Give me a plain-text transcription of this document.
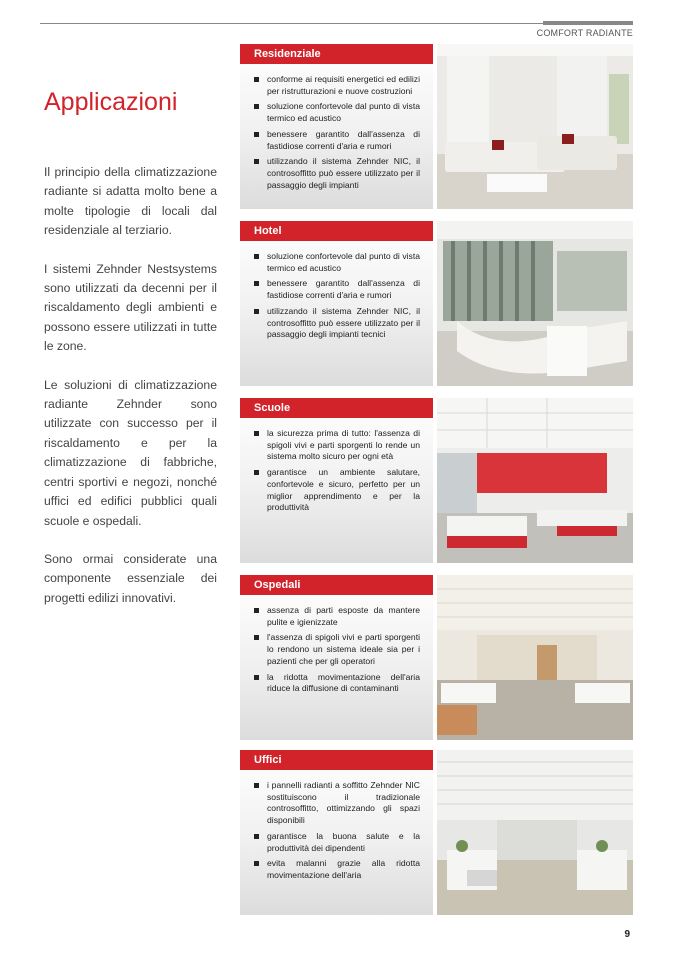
COMFORT RADIANTE
Applicazioni

Il principio della climatizzazione radiante si adatta molto bene a molte tipologie di locali dal residenziale al terziario.

I sistemi Zehnder Nestsystems sono utilizzati da decenni per il riscaldamento degli ambienti e possono essere utilizzati in tutte le zone.

Le soluzioni di climatizzazione radiante Zehnder sono utilizzate con successo per il riscaldamento e per la climatizzazione di fabbriche, centri sportivi e negozi, nonché uffici ed edifici pubblici quali scuole e ospedali.

Sono ormai considerate una componente essenziale dei progetti edilizi innovativi.

Residenziale
conforme ai requisiti energetici ed edilizi per ristrutturazioni e nuove costruzioni
soluzione confortevole dal punto di vista termico ed acustico
benessere garantito dall'assenza di fastidiose correnti d'aria e rumori
utilizzando il sistema Zehnder NIC, il controsoffitto può essere utilizzato per il passaggio degli impianti
Hotel
soluzione confortevole dal punto di vista termico ed acustico
benessere garantito dall'assenza di fastidiose correnti d'aria e rumori
utilizzando il sistema Zehnder NIC, il controsoffitto può essere utilizzato per il passaggio degli impianti tecnici
Scuole
la sicurezza prima di tutto: l'assenza di spigoli vivi e parti sporgenti lo rende un sistema molto sicuro per ogni età
garantisce un ambiente salutare, confortevole e sicuro, perfetto per un miglior apprendimento e per la produttività
Ospedali
assenza di parti esposte da mantere pulite e igienizzate
l'assenza di spigoli vivi e parti sporgenti lo rendono un sistema ideale sia per i pazienti che per gli operatori
la ridotta movimentazione dell'aria riduce la diffusione di contaminanti
Uffici
i pannelli radianti a soffitto Zehnder NIC sostituiscono il tradizionale controsoffitto, ottimizzando gli spazi disponibili
garantisce la buona salute e la produttività dei dipendenti
evita malanni grazie alla ridotta movimentazione dell'aria
9
